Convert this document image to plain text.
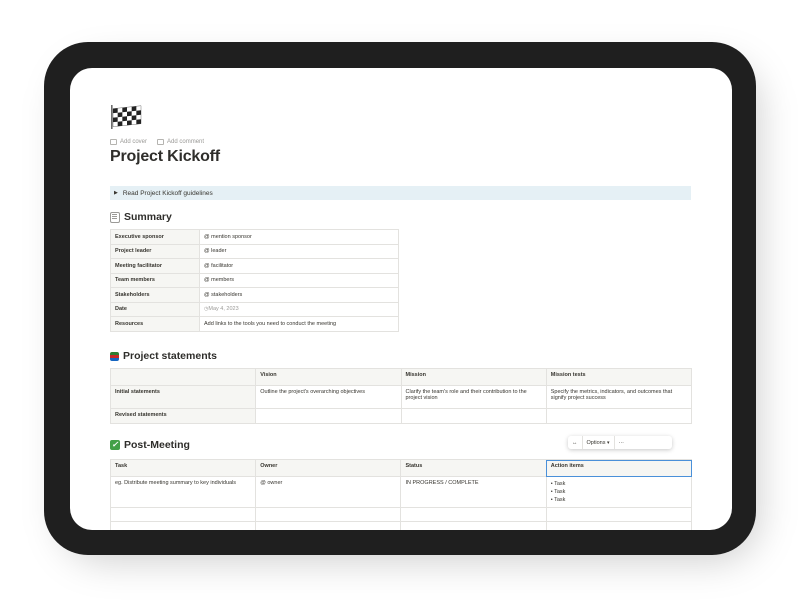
Add cover	Add comment
Project Kickoff
▶ Read Project Kickoff guidelines
Summary
Executive sponsor	@ mention sponsor
Project leader	@ leader
Meeting facilitator	@ facilitator
Team members	@ members
Stakeholders	@ stakeholders
Date	◷May 4, 2023
Resources	Add links to the tools you need to conduct the meeting
Project statements
	Vision	Mission	Mission tests
Initial statements	Outline the project's overarching objectives	Clarify the team's role and their contribution to the project vision	Specify the metrics, indicators, and outcomes that signify project success
Revised statements			
✓ Post-Meeting	↔	Options
▾	···
Task	Owner	Status	Action items
eg. Distribute meeting summary to key individuals	@ owner	IN PROGRESS / COMPLETE	• Task
• Task
• Task
